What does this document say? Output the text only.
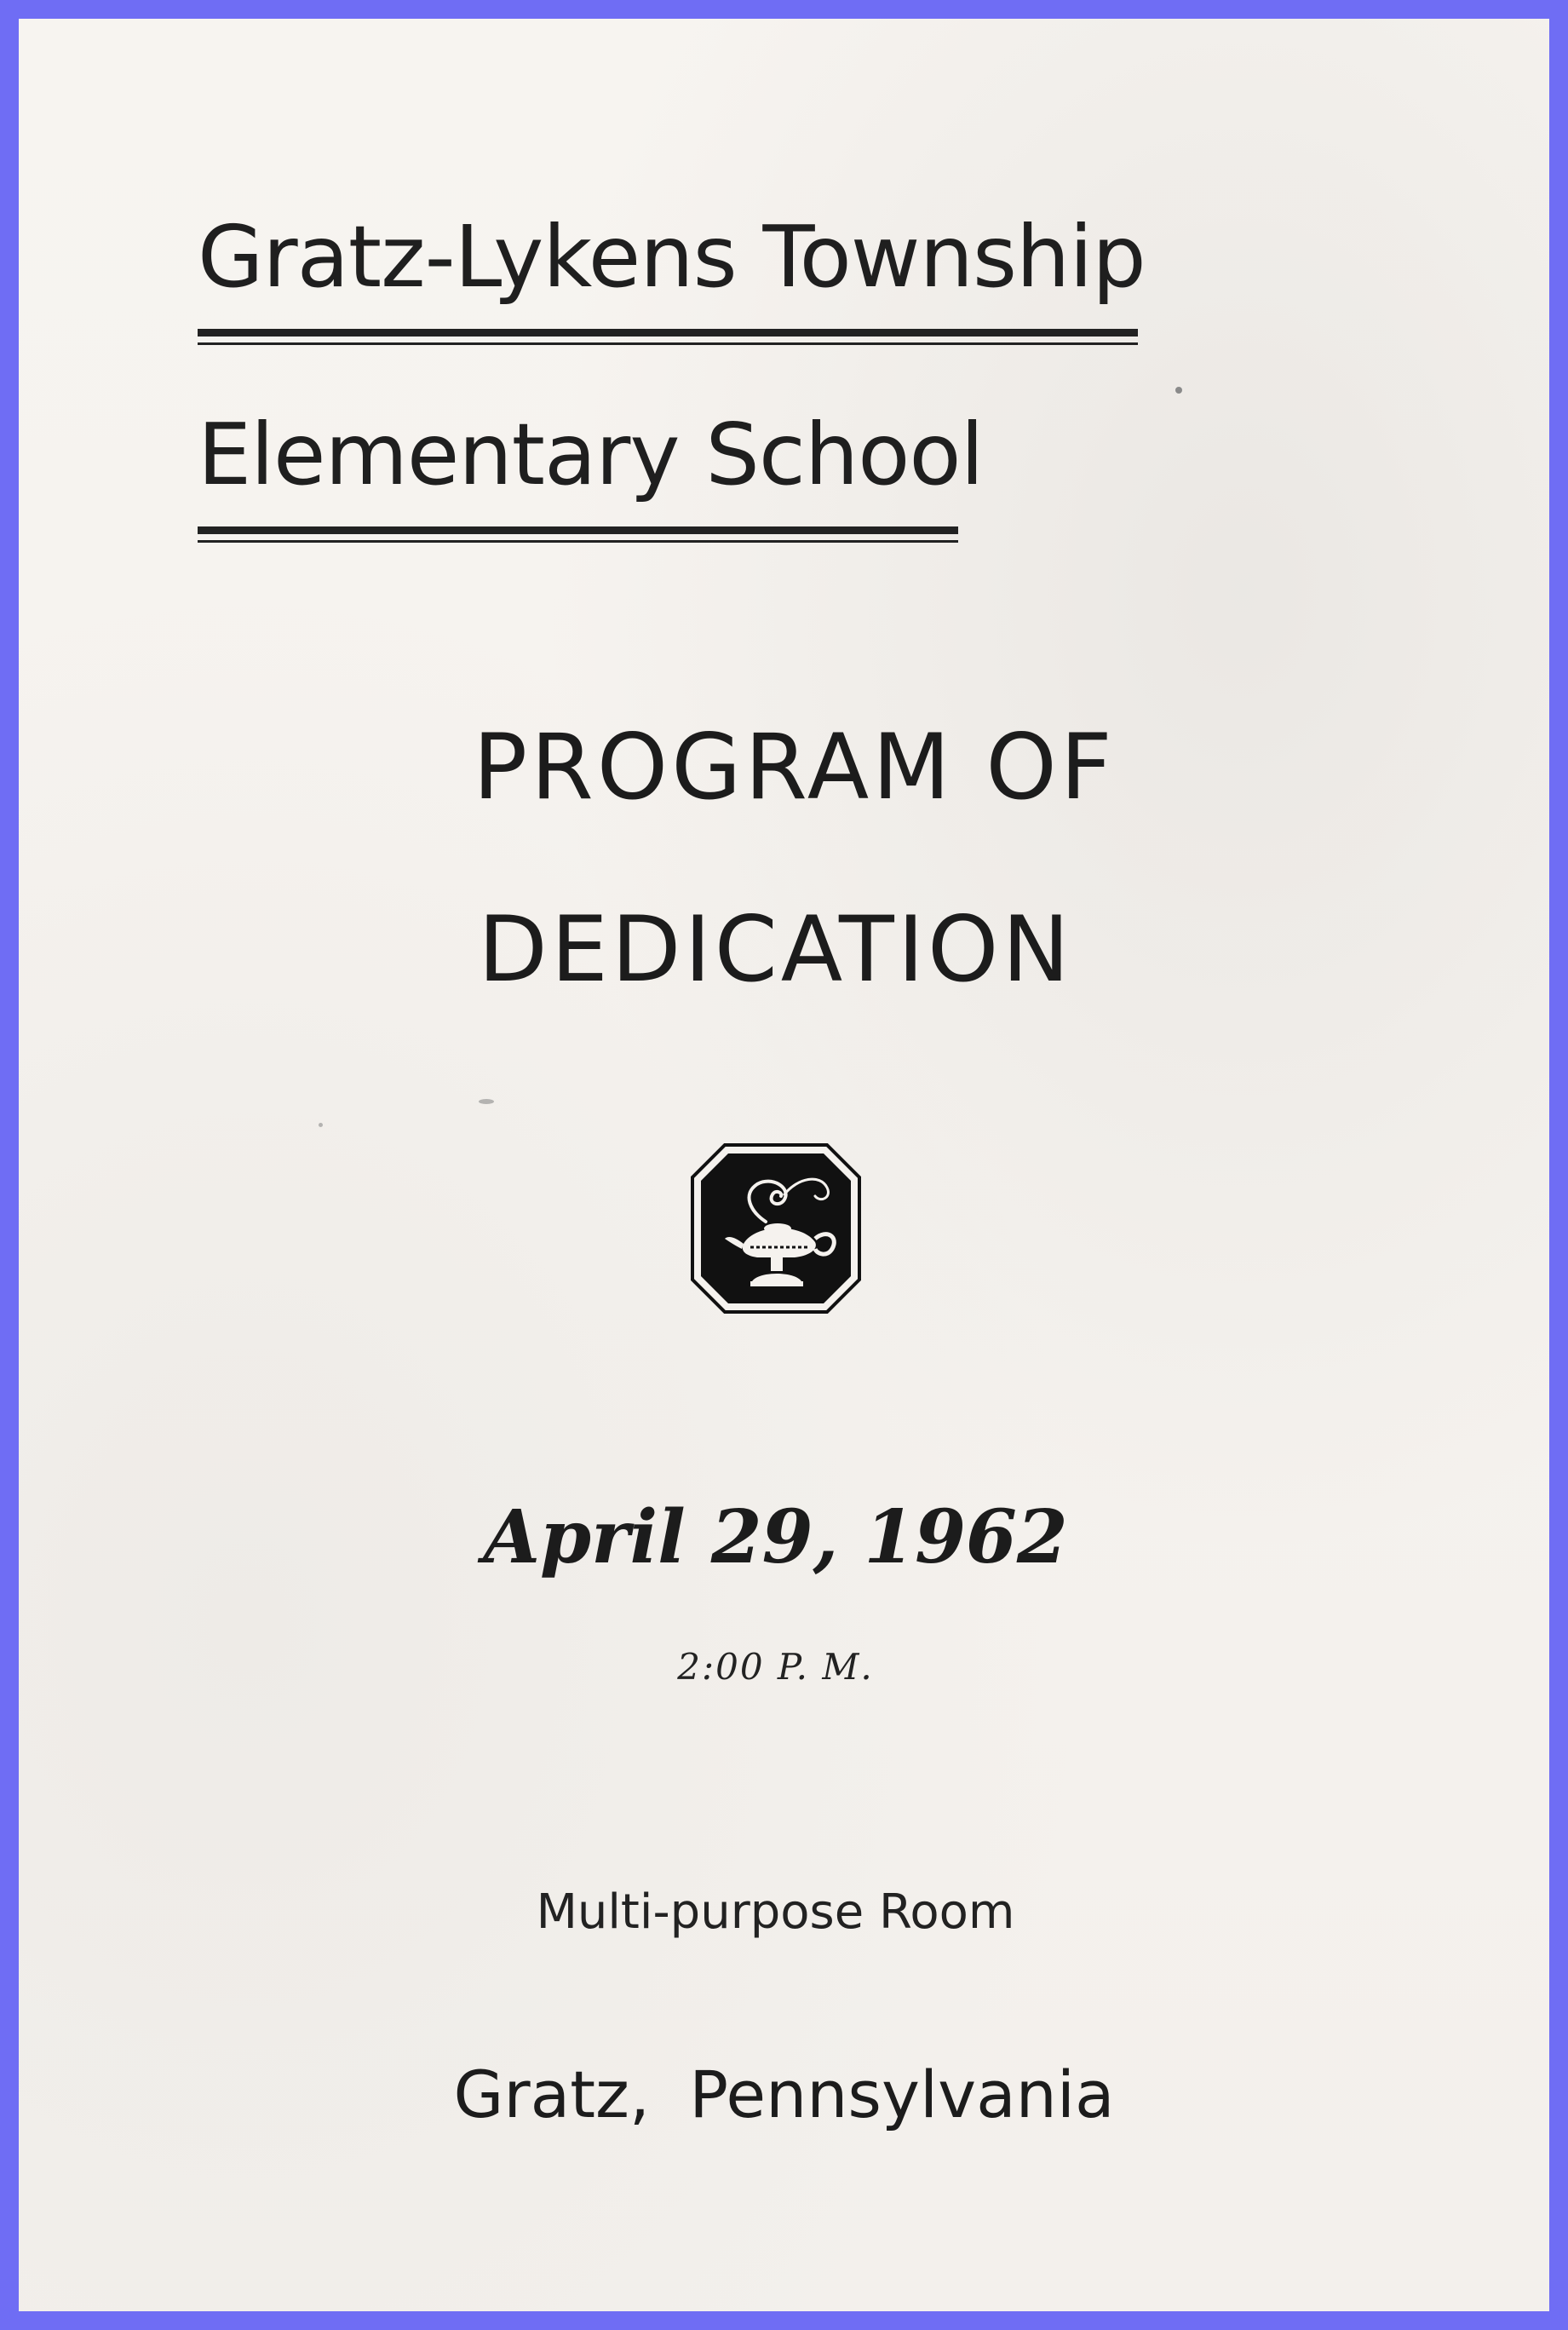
Gratz-Lykens Township
Elementary School
PROGRAM OF
DEDICATION
April 29, 1962
2:00 P. M.
Multi-purpose Room
Gratz, Pennsylvania
